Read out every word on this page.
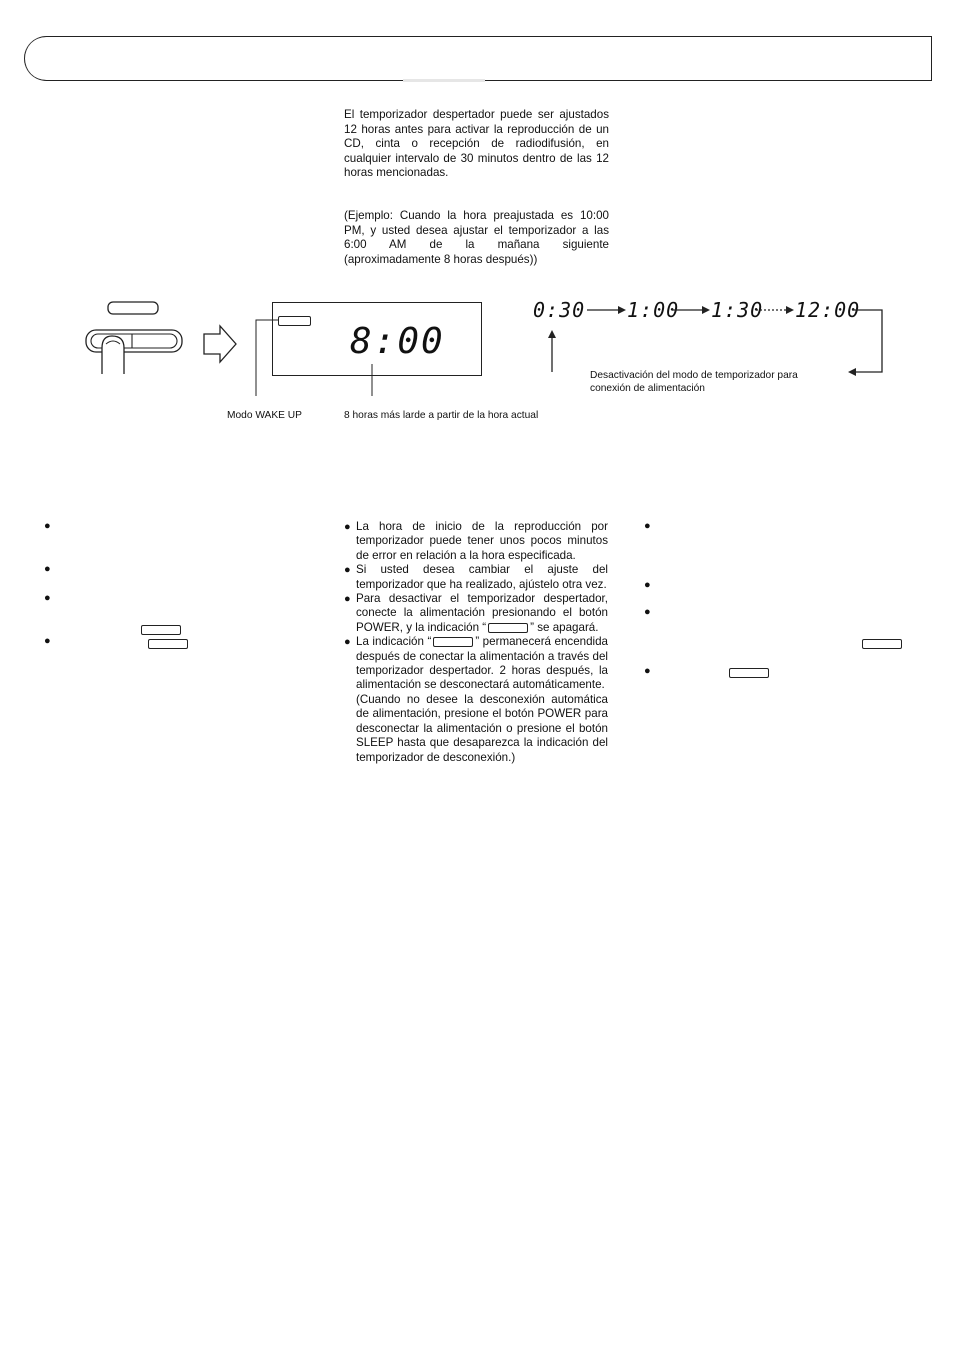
El temporizador despertador puede ser ajustados 12 horas antes para activar la reproducción de un CD, cinta o recepción de radiodifusión, en cualquier intervalo de 30 minutos dentro de las 12 horas mencionadas.

(Ejemplo: Cuando la hora preajustada es 10:00 PM, y usted desea ajustar el temporizador a las 6:00 AM de la mañana siguiente (aproximadamente 8 horas después))

8:00
Modo WAKE UP	8 horas más larde a partir de la hora actual
0:30 1:00 1:30 12:00
Desactivación del modo de temporizador para conexión de alimentación
●
●
●
●
● La hora de inicio de la reproducción por temporizador puede tener unos pocos minutos de error en relación a la hora especificada.
● Si usted desea cambiar el ajuste del temporizador que ha realizado, ajústelo otra vez.
● Para desactivar el temporizador despertador, conecte la alimentación presionando el botón POWER, y la indicación “	” se apagará.
● La indicación “	” permanecerá encendida después de conectar la alimentación a través del temporizador despertador. 2 horas después, la alimentación se desconectará automáticamente.
(Cuando no desee la desconexión automática de alimentación, presione el botón POWER para desconectar la alimentación o presione el botón SLEEP hasta que desaparezca la indicación del temporizador de desconexión.)
●
●
●
●
